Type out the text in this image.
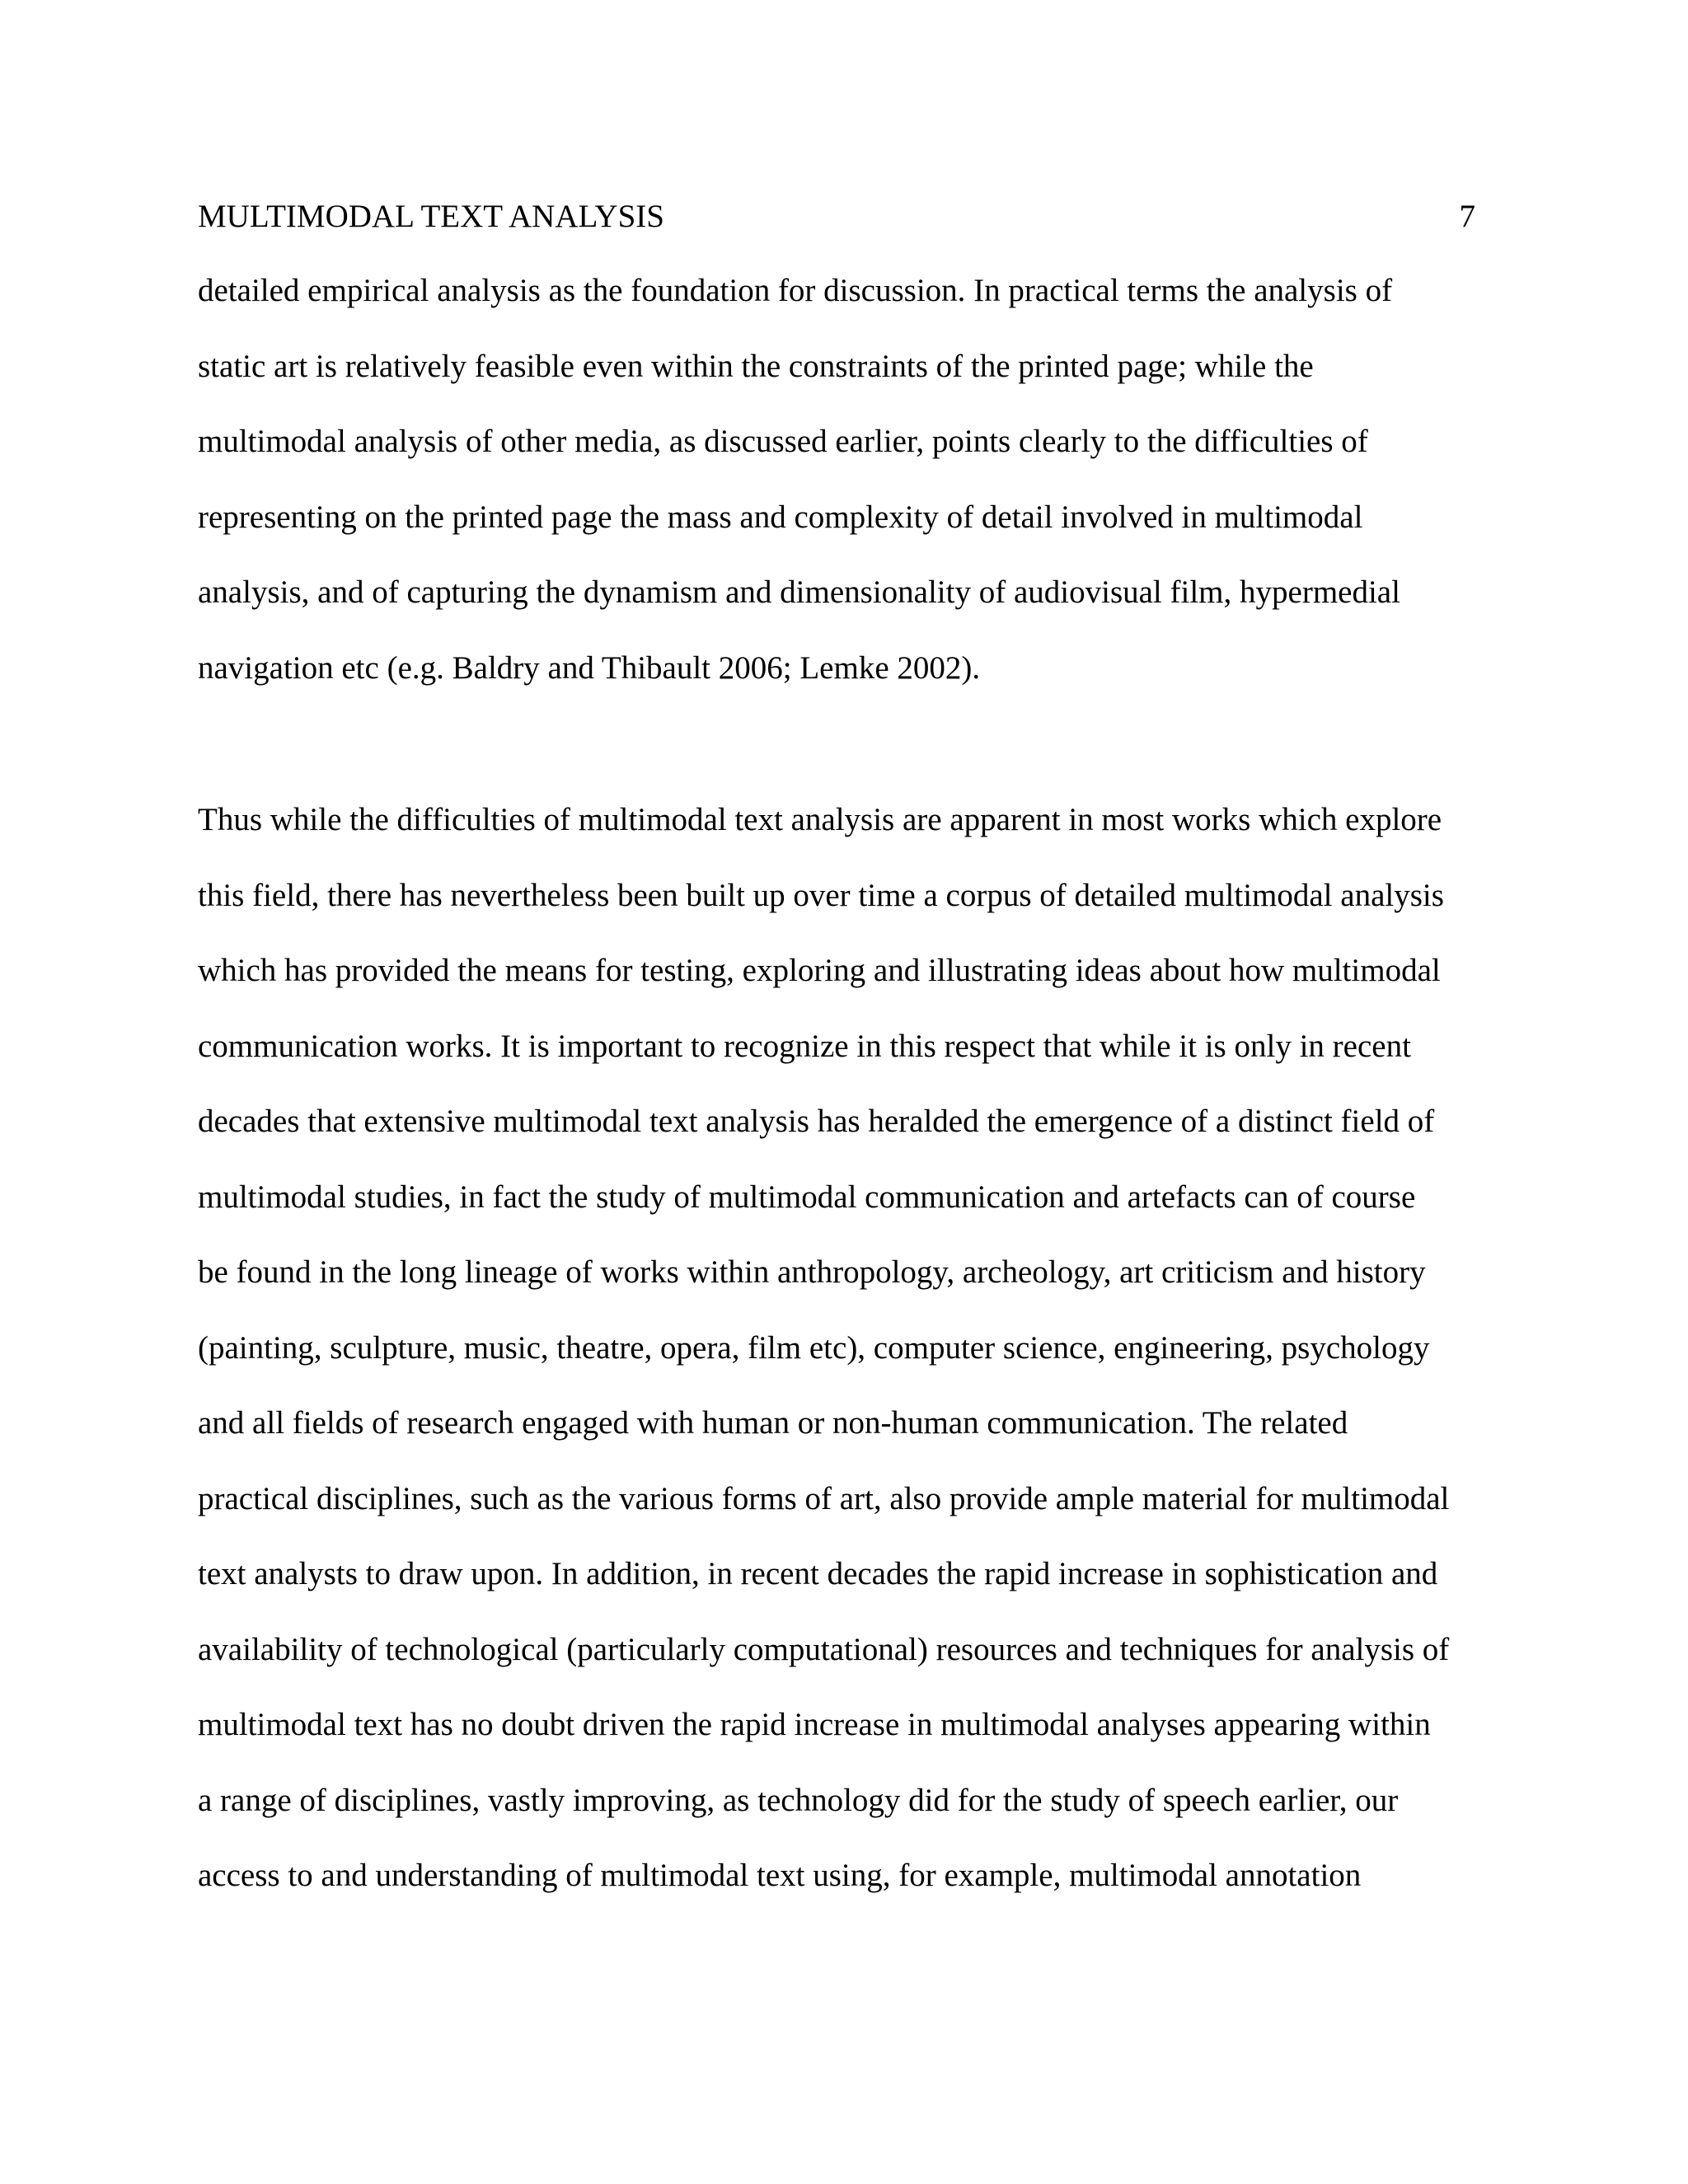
MULTIMODAL TEXT ANALYSIS	7
detailed empirical analysis as the foundation for discussion. In practical terms the analysis of
static art is relatively feasible even within the constraints of the printed page; while the
multimodal analysis of other media, as discussed earlier, points clearly to the difficulties of
representing on the printed page the mass and complexity of detail involved in multimodal
analysis, and of capturing the dynamism and dimensionality of audiovisual film, hypermedial
navigation etc (e.g. Baldry and Thibault 2006; Lemke 2002).
Thus while the difficulties of multimodal text analysis are apparent in most works which explore
this field, there has nevertheless been built up over time a corpus of detailed multimodal analysis
which has provided the means for testing, exploring and illustrating ideas about how multimodal
communication works. It is important to recognize in this respect that while it is only in recent
decades that extensive multimodal text analysis has heralded the emergence of a distinct field of
multimodal studies, in fact the study of multimodal communication and artefacts can of course
be found in the long lineage of works within anthropology, archeology, art criticism and history
(painting, sculpture, music, theatre, opera, film etc), computer science, engineering, psychology
and all fields of research engaged with human or non-human communication. The related
practical disciplines, such as the various forms of art, also provide ample material for multimodal
text analysts to draw upon. In addition, in recent decades the rapid increase in sophistication and
availability of technological (particularly computational) resources and techniques for analysis of
multimodal text has no doubt driven the rapid increase in multimodal analyses appearing within
a range of disciplines, vastly improving, as technology did for the study of speech earlier, our
access to and understanding of multimodal text using, for example, multimodal annotation
